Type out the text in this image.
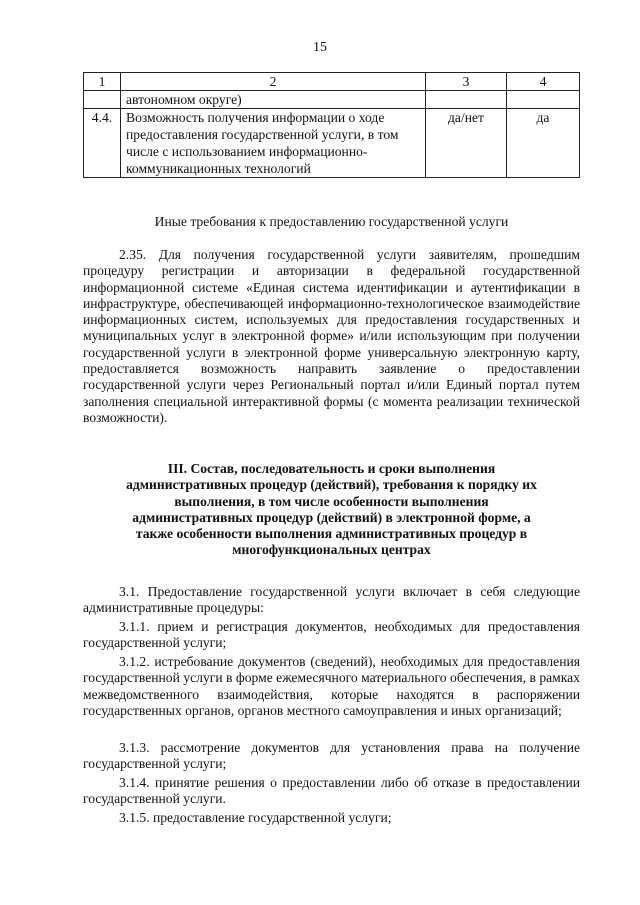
15
1	2	3	4
	автономном округе)		
4.4.	Возможность получения информации о ходе предоставления государственной услуги, в том числе с использованием информационно-коммуникационных технологий	да/нет	да

Иные требования к предоставлению государственной услуги

2.35. Для получения государственной услуги заявителям, прошедшим процедуру регистрации и авторизации в федеральной государственной информационной системе «Единая система идентификации и аутентификации в инфраструктуре, обеспечивающей информационно-технологическое взаимодействие информационных систем, используемых для предоставления государственных и муниципальных услуг в электронной форме» и/или использующим при получении государственной услуги в электронной форме универсальную электронную карту, предоставляется возможность направить заявление о предоставлении государственной услуги через Региональный портал и/или Единый портал путем заполнения специальной интерактивной формы (с момента реализации технической возможности).

III. Состав, последовательность и сроки выполнения административных процедур (действий), требования к порядку их выполнения, в том числе особенности выполнения административных процедур (действий) в электронной форме, а также особенности выполнения административных процедур в многофункциональных центрах

3.1. Предоставление государственной услуги включает в себя следующие административные процедуры:

3.1.1. прием и регистрация документов, необходимых для предоставления государственной услуги;

3.1.2. истребование документов (сведений), необходимых для предоставления государственной услуги в форме ежемесячного материального обеспечения, в рамках межведомственного взаимодействия, которые находятся в распоряжении государственных органов, органов местного самоуправления и иных организаций;

3.1.3. рассмотрение документов для установления права на получение государственной услуги;

3.1.4. принятие решения о предоставлении либо об отказе в предоставлении государственной услуги.

3.1.5. предоставление государственной услуги;
